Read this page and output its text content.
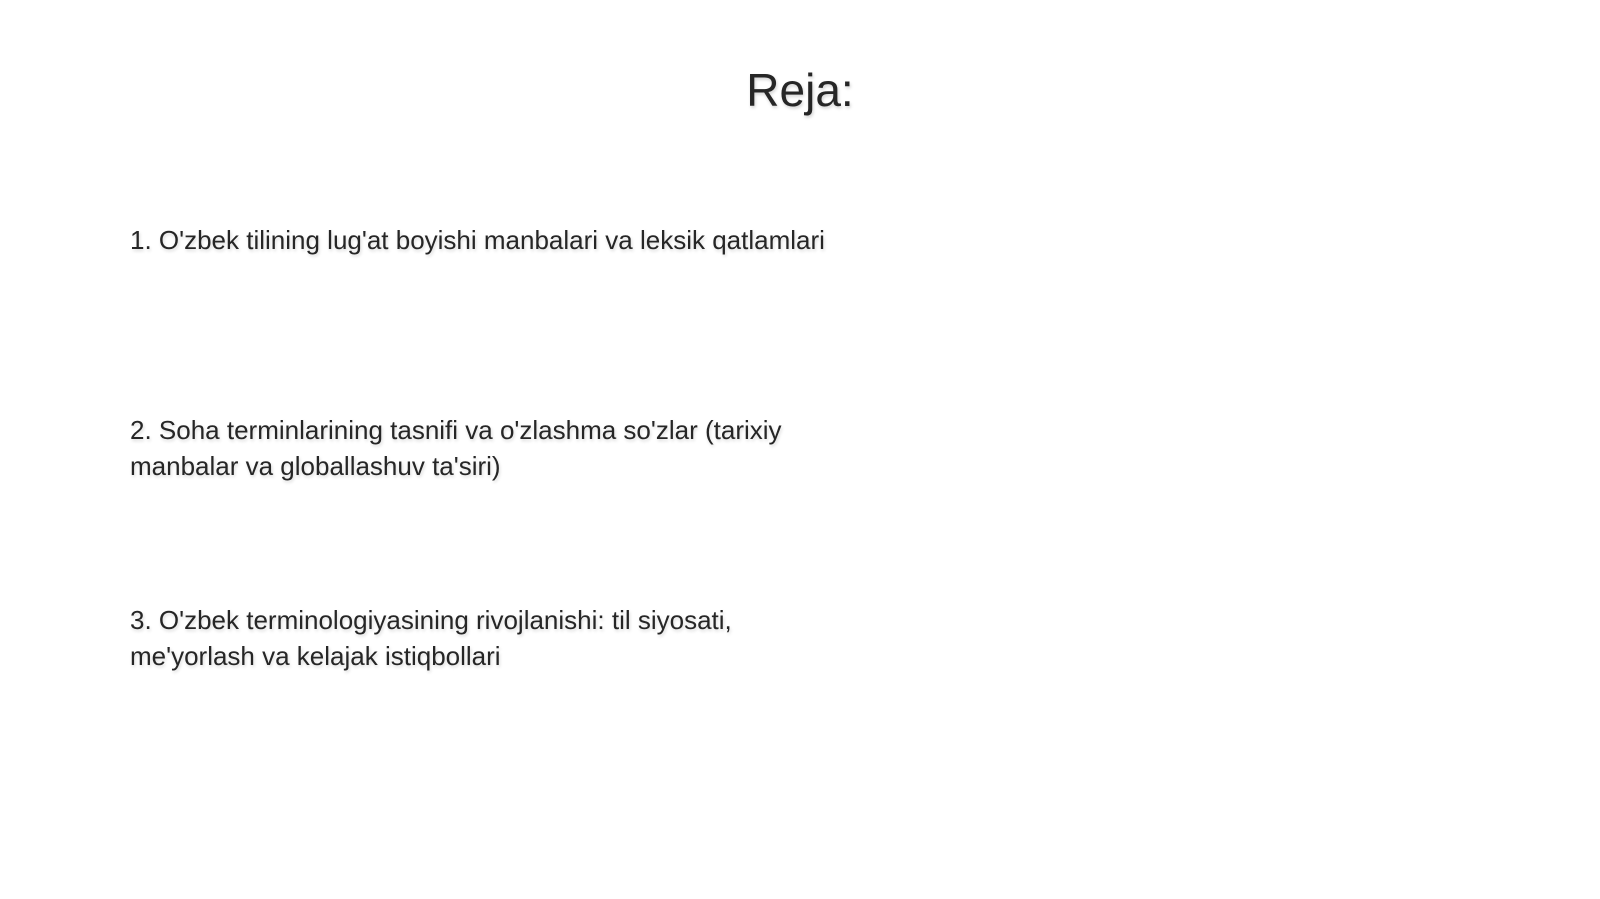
Reja:
1. O'zbek tilining lug'at boyishi manbalari va leksik qatlamlari
2. Soha terminlarining tasnifi va o'zlashma so'zlar (tarixiy manbalar va globallashuv ta'siri)
3. O'zbek terminologiyasining rivojlanishi: til siyosati, me'yorlash va kelajak istiqbollari
